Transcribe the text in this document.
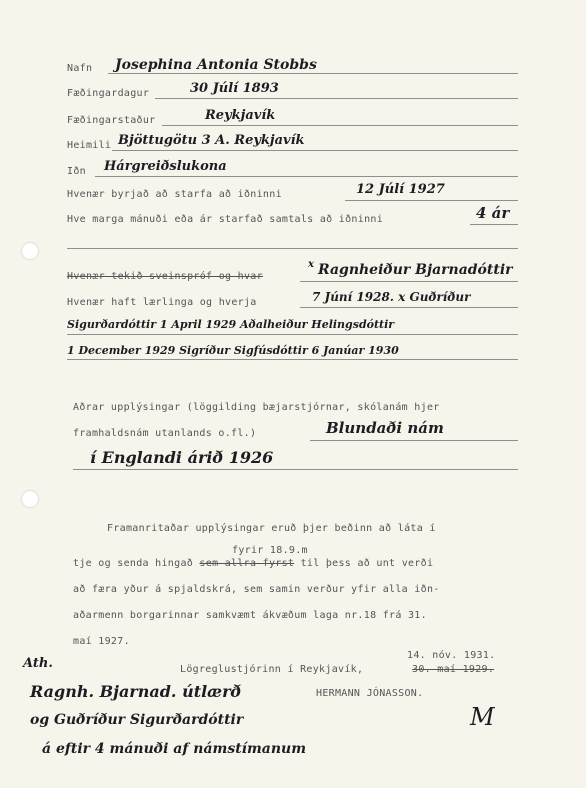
Nafn Josephina Antonia Stobbs
Fæðingardagur	30 Júlí 1893
Fæðingarstaður	Reykjavík
Heimili Bjöttugötu 3 A. Reykjavík
Iðn Hárgreiðslukona
Hvenær byrjað að starfa að iðninni	12 Júlí 1927
Hve marga mánuði eða ár starfað samtals að iðninni	4 ár
Hvenær tekið sveinspróf og hvar
x Ragnheiður Bjarnadóttir
Hvenær haft lærlinga og hverja	7 Júní 1928. x Guðríður
Sigurðardóttir 1 April 1929 Aðalheiður Helingsdóttir
1 December 1929 Sigríður Sigfúsdóttir 6 Janúar 1930
Aðrar upplýsingar (löggilding bæjarstjórnar, skólanám hjer
framhaldsnám utanlands o.fl.)	Blundaði nám
í Englandi árið 1926
Framanritaðar upplýsingar eruð þjer beðinn að láta í
fyrir 18.9.m
tje og senda hingað sem allra fyrst til þess að unt verði
að færa yður á spjaldskrá, sem samin verður yfir alla iðn-
aðarmenn borgarinnar samkvæmt ákvæðum laga nr.18 frá 31.
maí 1927.
14. nóv. 1931.
Lögreglustjórinn í Reykjavík,	30. maí 1929.
HERMANN JÓNASSON.
Ath.
Ragnh. Bjarnad. útlærð
og Guðríður Sigurðardóttir
á eftir 4 mánuði af námstímanum
M
